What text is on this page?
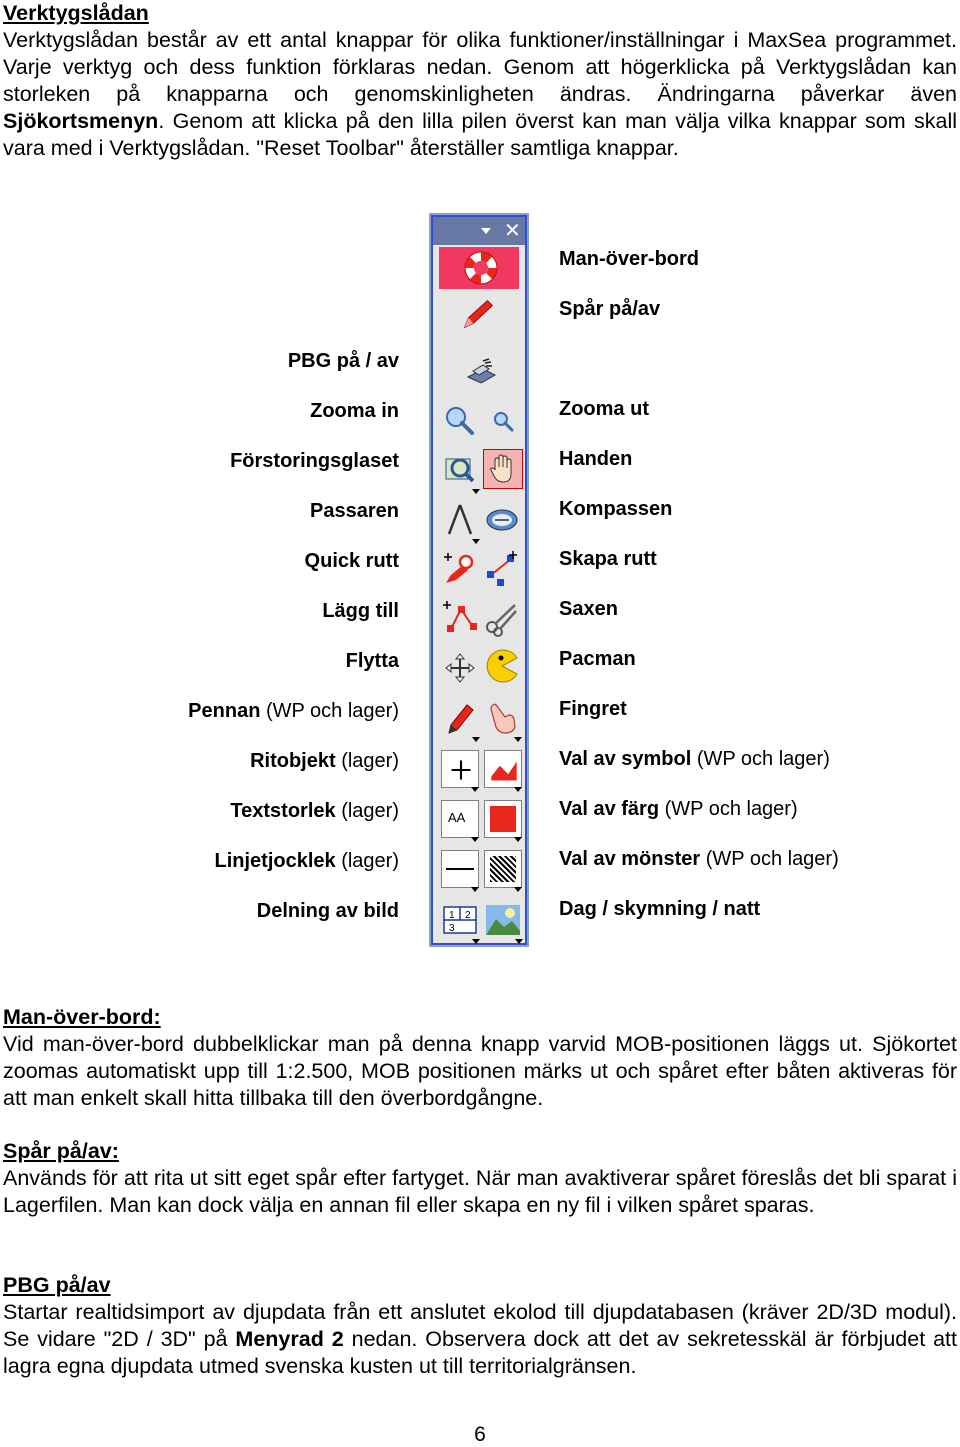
Verktygslådan
Verktygslådan består av ett antal knappar för olika funktioner/inställningar i MaxSea programmet. Varje verktyg och dess funktion förklaras nedan. Genom att högerklicka på Verktygslådan kan storleken på knapparna och genomskinligheten ändras. Ändringarna påverkar även Sjökortsmenyn. Genom att klicka på den lilla pilen överst kan man välja vilka knappar som skall vara med i Verktygslådan. "Reset Toolbar" återställer samtliga knappar.
✕
AA
1 2
3
PBG på / av
Zooma in
Förstoringsglaset
Passaren
Quick rutt
Lägg till
Flytta
Pennan (WP och lager)
Ritobjekt (lager)
Textstorlek (lager)
Linjetjocklek (lager)
Delning av bild
Man-över-bord
Spår på/av
Zooma ut
Handen
Kompassen
Skapa rutt
Saxen
Pacman
Fingret
Val av symbol (WP och lager)
Val av färg (WP och lager)
Val av mönster (WP och lager)
Dag / skymning / natt
Man-över-bord:
Vid man-över-bord dubbelklickar man på denna knapp varvid MOB-positionen läggs ut. Sjökortet zoomas automatiskt upp till 1:2.500, MOB positionen märks ut och spåret efter båten aktiveras för att man enkelt skall hitta tillbaka till den överbordgångne.
Spår på/av:
Används för att rita ut sitt eget spår efter fartyget. När man avaktiverar spåret föreslås det bli sparat i Lagerfilen. Man kan dock välja en annan fil eller skapa en ny fil i vilken spåret sparas.
PBG på/av
Startar realtidsimport av djupdata från ett anslutet ekolod till djupdatabasen (kräver 2D/3D modul). Se vidare "2D / 3D" på Menyrad 2 nedan. Observera dock att det av sekretesskäl är förbjudet att lagra egna djupdata utmed svenska kusten ut till territorialgränsen.
6
